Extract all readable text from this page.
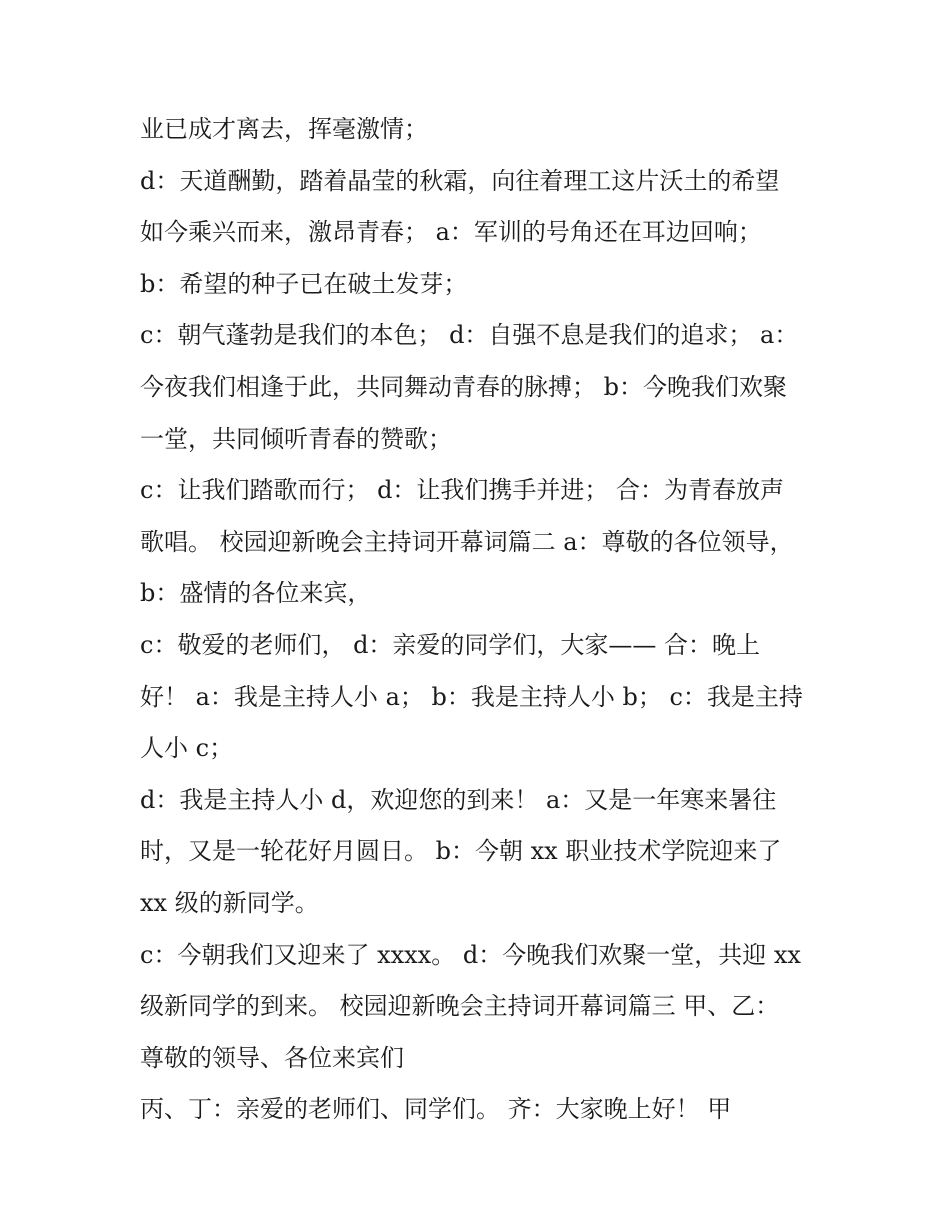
业已成才离去，挥毫激情；
d：天道酬勤，踏着晶莹的秋霜，向往着理工这片沃土的希望
如今乘兴而来，激昂青春； a：军训的号角还在耳边回响；
b：希望的种子已在破土发芽；
c：朝气蓬勃是我们的本色； d：自强不息是我们的追求； a：
今夜我们相逢于此，共同舞动青春的脉搏； b：今晚我们欢聚
一堂，共同倾听青春的赞歌；
c：让我们踏歌而行； d：让我们携手并进； 合：为青春放声
歌唱。 校园迎新晚会主持词开幕词篇二 a：尊敬的各位领导，
b：盛情的各位来宾，
c：敬爱的老师们， d：亲爱的同学们，大家—— 合：晚上
好！ a：我是主持人小 a； b：我是主持人小 b； c：我是主持
人小 c；
d：我是主持人小 d，欢迎您的到来！ a：又是一年寒来暑往
时，又是一轮花好月圆日。 b：今朝 xx 职业技术学院迎来了
xx 级的新同学。
c：今朝我们又迎来了 xxxx。 d：今晚我们欢聚一堂，共迎 xx
级新同学的到来。 校园迎新晚会主持词开幕词篇三 甲、乙：
尊敬的领导、各位来宾们
丙、丁：亲爱的老师们、同学们。 齐：大家晚上好！ 甲
